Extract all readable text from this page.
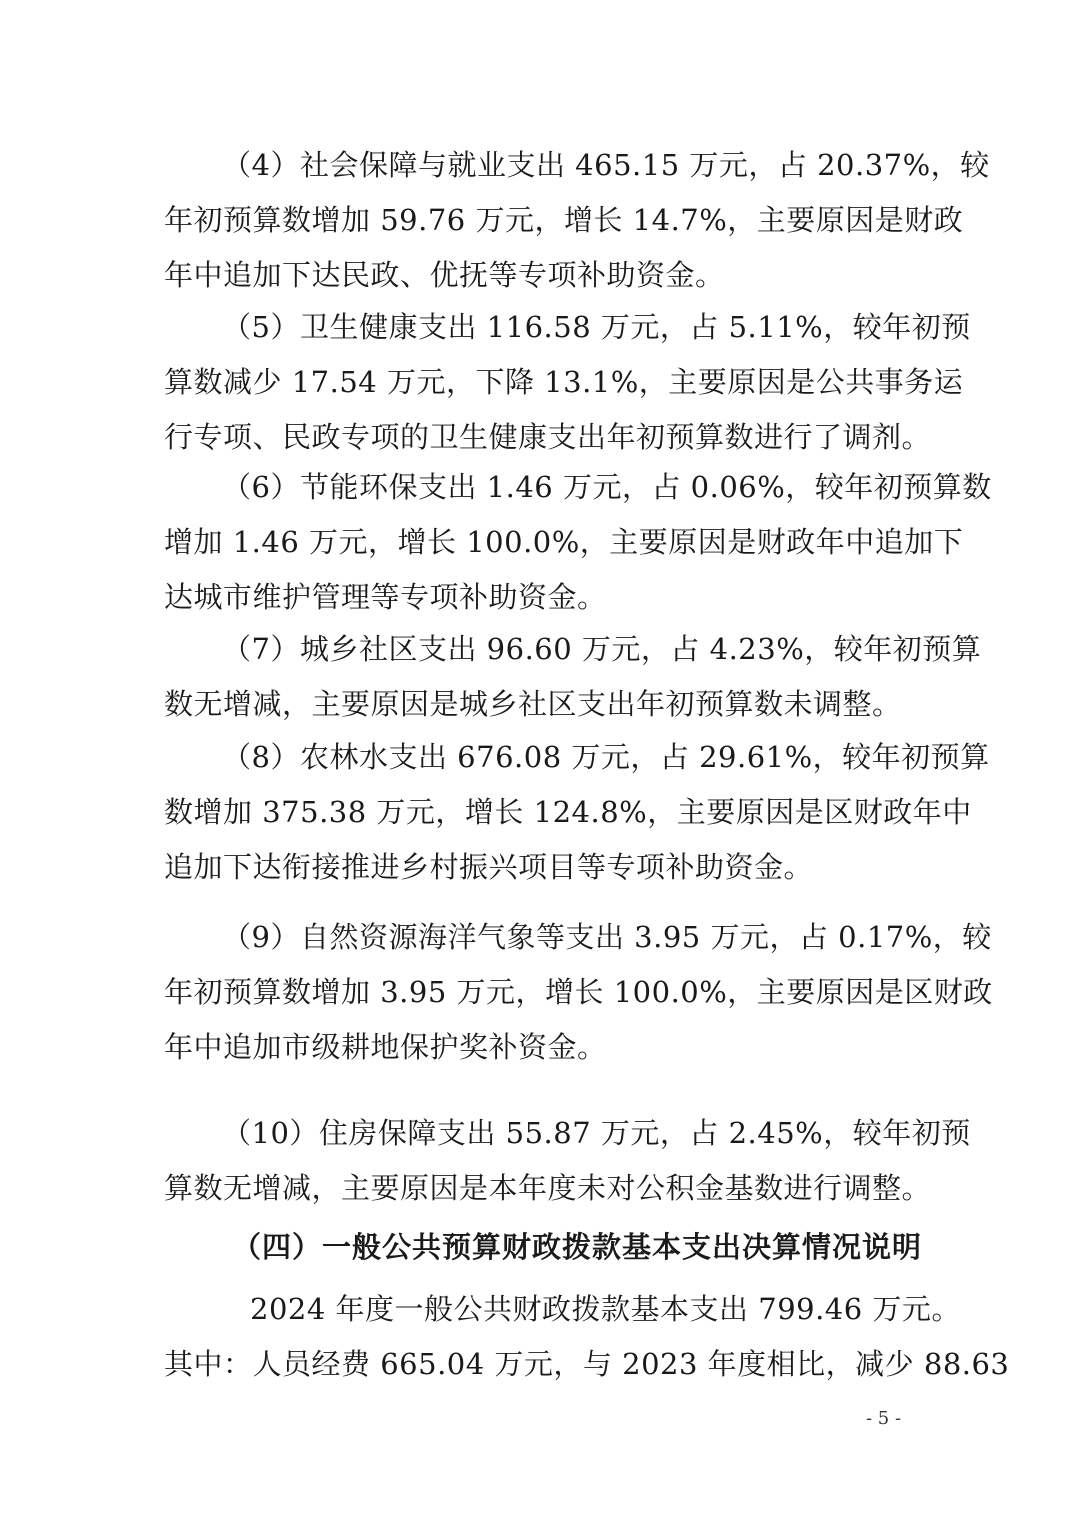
（4）社会保障与就业支出 465.15 万元，占 20.37%，较
年初预算数增加 59.76 万元，增长 14.7%，主要原因是财政
年中追加下达民政、优抚等专项补助资金。
（5）卫生健康支出 116.58 万元，占 5.11%，较年初预
算数减少 17.54 万元，下降 13.1%，主要原因是公共事务运
行专项、民政专项的卫生健康支出年初预算数进行了调剂。
（6）节能环保支出 1.46 万元，占 0.06%，较年初预算数
增加 1.46 万元，增长 100.0%，主要原因是财政年中追加下
达城市维护管理等专项补助资金。
（7）城乡社区支出 96.60 万元，占 4.23%，较年初预算
数无增减，主要原因是城乡社区支出年初预算数未调整。
（8）农林水支出 676.08 万元，占 29.61%，较年初预算
数增加 375.38 万元，增长 124.8%，主要原因是区财政年中
追加下达衔接推进乡村振兴项目等专项补助资金。
（9）自然资源海洋气象等支出 3.95 万元，占 0.17%，较
年初预算数增加 3.95 万元，增长 100.0%，主要原因是区财政
年中追加市级耕地保护奖补资金。
（10）住房保障支出 55.87 万元，占 2.45%，较年初预
算数无增减，主要原因是本年度未对公积金基数进行调整。
（四）一般公共预算财政拨款基本支出决算情况说明
2024 年度一般公共财政拨款基本支出 799.46 万元。
其中：人员经费 665.04 万元，与 2023 年度相比，减少 88.63
- 5 -
